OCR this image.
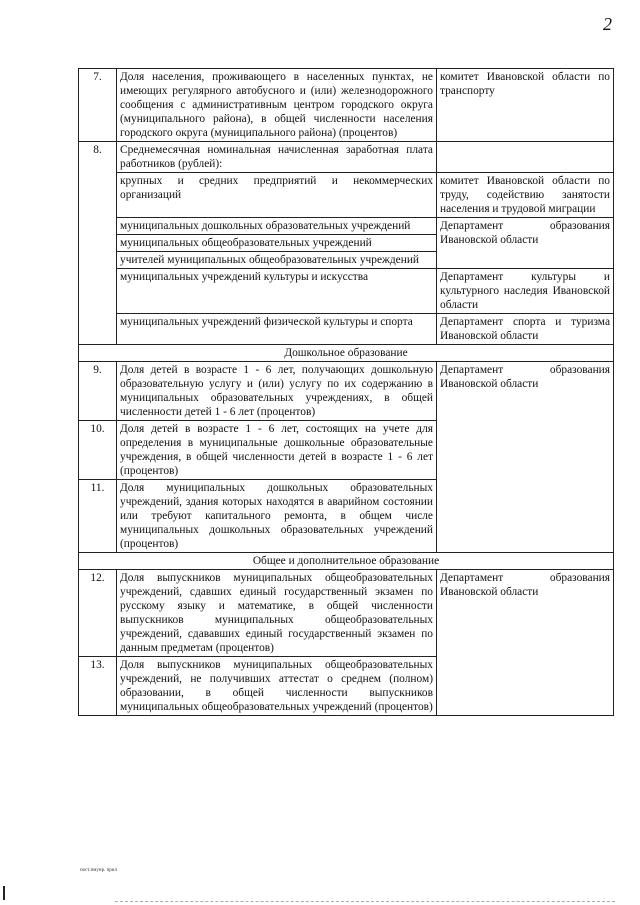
2
7.	Доля населения, проживающего в населенных пунктах, не имеющих регулярного автобусного и (или) железнодорожного сообщения с административным центром городского округа (муниципального района), в общей численности населения городского округа (муниципального района) (процентов)	комитет Ивановской области по транспорту
8.	Среднемесячная номинальная начисленная заработная плата работников (рублей):	
	крупных и средних предприятий и некоммерческих организаций	комитет Ивановской области по труду, содействию занятости населения и трудовой миграции
	муниципальных дошкольных образовательных учреждений	Департамент образования Ивановской области
	муниципальных общеобразовательных учреждений	
	учителей муниципальных общеобразовательных учреждений	
	муниципальных учреждений культуры и искусства	Департамент культуры и культурного наследия Ивановской области
	муниципальных учреждений физической культуры и спорта	Департамент спорта и туризма Ивановской области
Дошкольное образование		
9.	Доля детей в возрасте 1 - 6 лет, получающих дошкольную образовательную услугу и (или) услугу по их содержанию в муниципальных образовательных учреждениях, в общей численности детей 1 - 6 лет (процентов)	Департамент образования Ивановской области
10.	Доля детей в возрасте 1 - 6 лет, состоящих на учете для определения в муниципальные дошкольные образовательные учреждения, в общей численности детей в возрасте 1 - 6 лет (процентов)	
11.	Доля муниципальных дошкольных образовательных учреждений, здания которых находятся в аварийном состоянии или требуют капитального ремонта, в общем числе муниципальных дошкольных образовательных учреждений (процентов)	
Общее и дополнительное образование		
12.	Доля выпускников муниципальных общеобразовательных учреждений, сдавших единый государственный экзамен по русскому языку и математике, в общей численности выпускников муниципальных общеобразовательных учреждений, сдававших единый государственный экзамен по данным предметам (процентов)	Департамент образования Ивановской области
13.	Доля выпускников муниципальных общеобразовательных учреждений, не получивших аттестат о среднем (полном) образовании, в общей численности выпускников муниципальных общеобразовательных учреждений (процентов)	
пост.пмунр. прил
